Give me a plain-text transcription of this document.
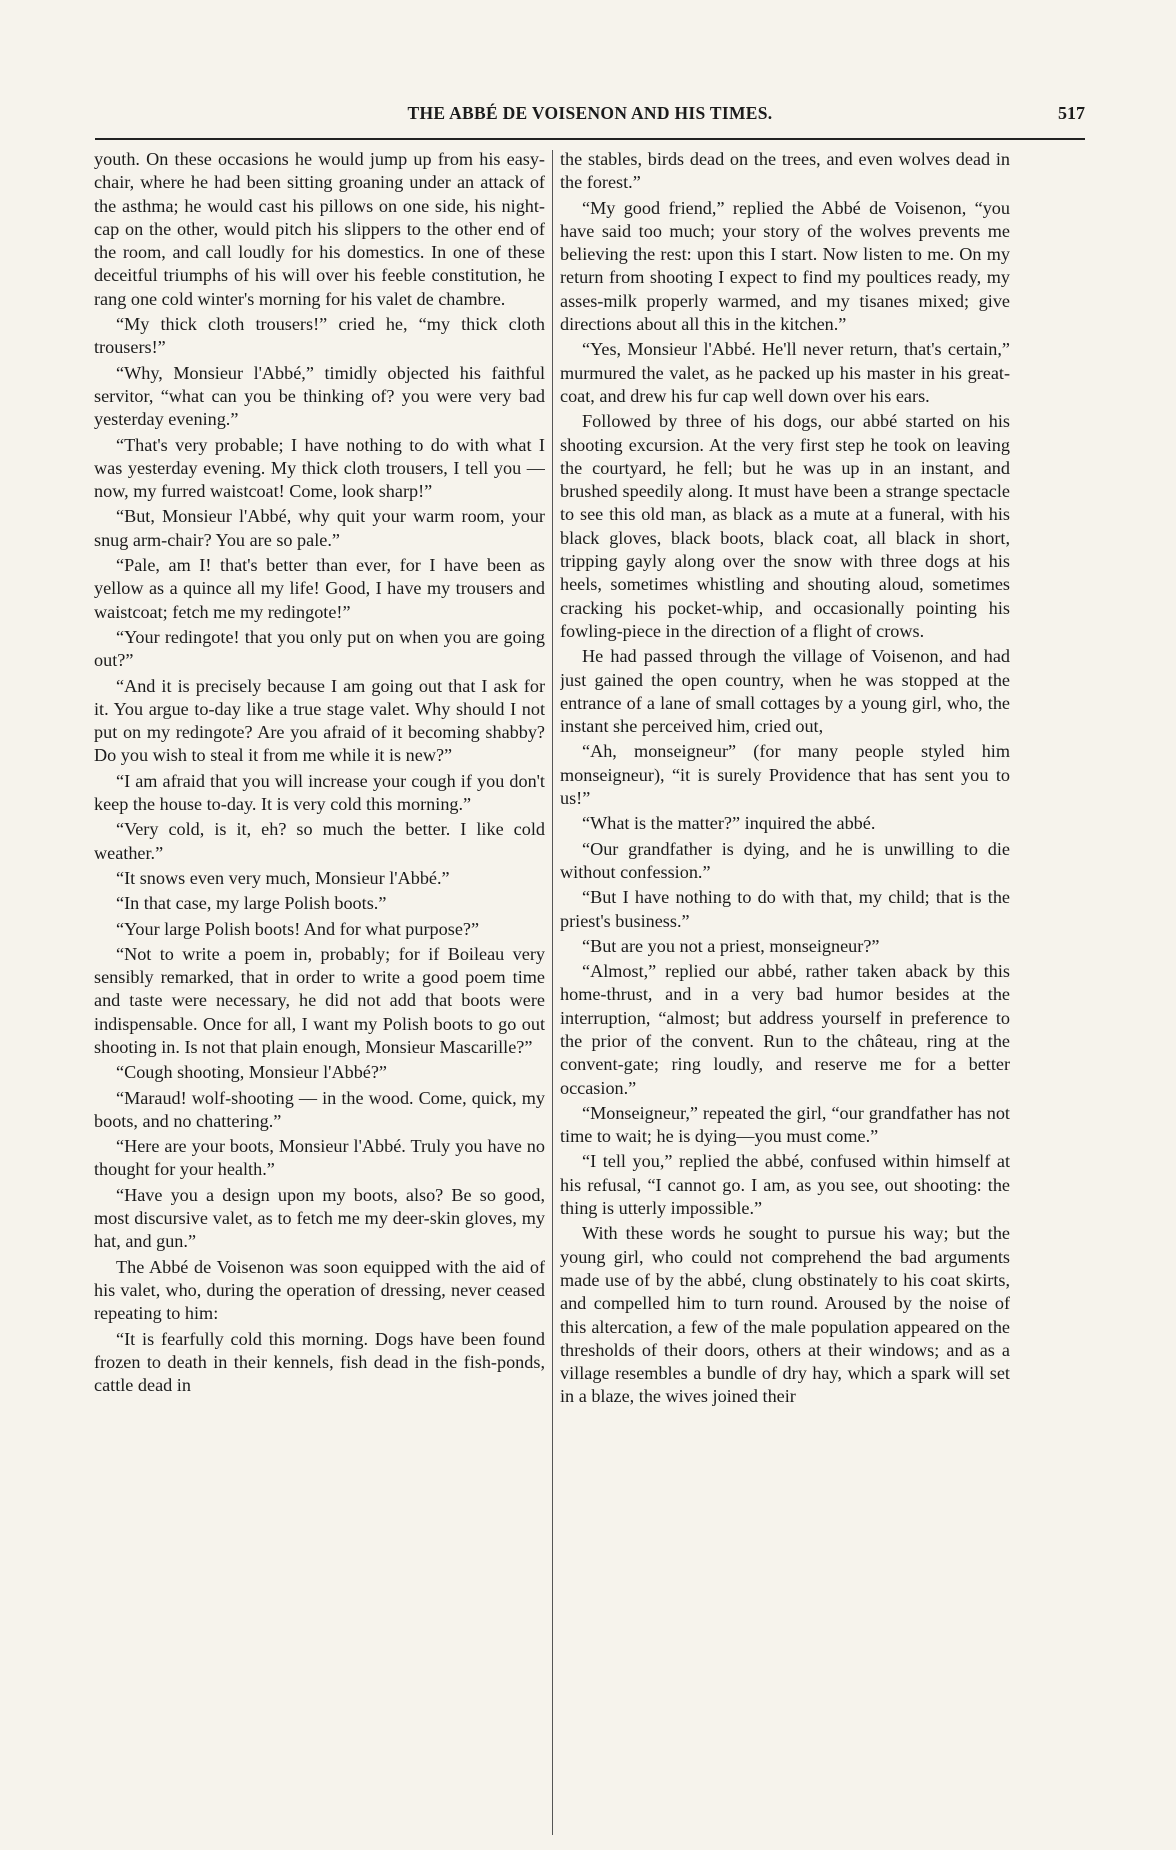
THE ABBÉ DE VOISENON AND HIS TIMES.	517

youth. On these occasions he would jump up from his easy-chair, where he had been sitting groaning under an attack of the asthma; he would cast his pillows on one side, his night-cap on the other, would pitch his slippers to the other end of the room, and call loudly for his domestics. In one of these deceitful triumphs of his will over his feeble constitution, he rang one cold winter's morning for his valet de chambre.

“My thick cloth trousers!” cried he, “my thick cloth trousers!”

“Why, Monsieur l'Abbé,” timidly objected his faithful servitor, “what can you be thinking of? you were very bad yesterday evening.”

“That's very probable; I have nothing to do with what I was yesterday evening. My thick cloth trousers, I tell you — now, my furred waistcoat! Come, look sharp!”

“But, Monsieur l'Abbé, why quit your warm room, your snug arm-chair? You are so pale.”

“Pale, am I! that's better than ever, for I have been as yellow as a quince all my life! Good, I have my trousers and waistcoat; fetch me my redingote!”

“Your redingote! that you only put on when you are going out?”

“And it is precisely because I am going out that I ask for it. You argue to-day like a true stage valet. Why should I not put on my redingote? Are you afraid of it becoming shabby? Do you wish to steal it from me while it is new?”

“I am afraid that you will increase your cough if you don't keep the house to-day. It is very cold this morning.”

“Very cold, is it, eh? so much the better. I like cold weather.”

“It snows even very much, Monsieur l'Abbé.”

“In that case, my large Polish boots.”

“Your large Polish boots! And for what purpose?”

“Not to write a poem in, probably; for if Boileau very sensibly remarked, that in order to write a good poem time and taste were necessary, he did not add that boots were indispensable. Once for all, I want my Polish boots to go out shooting in. Is not that plain enough, Monsieur Mascarille?”

“Cough shooting, Monsieur l'Abbé?”

“Maraud! wolf-shooting — in the wood. Come, quick, my boots, and no chattering.”

“Here are your boots, Monsieur l'Abbé. Truly you have no thought for your health.”

“Have you a design upon my boots, also? Be so good, most discursive valet, as to fetch me my deer-skin gloves, my hat, and gun.”

The Abbé de Voisenon was soon equipped with the aid of his valet, who, during the operation of dressing, never ceased repeating to him:

“It is fearfully cold this morning. Dogs have been found frozen to death in their kennels, fish dead in the fish-ponds, cattle dead in

the stables, birds dead on the trees, and even wolves dead in the forest.”

“My good friend,” replied the Abbé de Voisenon, “you have said too much; your story of the wolves prevents me believing the rest: upon this I start. Now listen to me. On my return from shooting I expect to find my poultices ready, my asses-milk properly warmed, and my tisanes mixed; give directions about all this in the kitchen.”

“Yes, Monsieur l'Abbé. He'll never return, that's certain,” murmured the valet, as he packed up his master in his great-coat, and drew his fur cap well down over his ears.

Followed by three of his dogs, our abbé started on his shooting excursion. At the very first step he took on leaving the courtyard, he fell; but he was up in an instant, and brushed speedily along. It must have been a strange spectacle to see this old man, as black as a mute at a funeral, with his black gloves, black boots, black coat, all black in short, tripping gayly along over the snow with three dogs at his heels, sometimes whistling and shouting aloud, sometimes cracking his pocket-whip, and occasionally pointing his fowling-piece in the direction of a flight of crows.

He had passed through the village of Voisenon, and had just gained the open country, when he was stopped at the entrance of a lane of small cottages by a young girl, who, the instant she perceived him, cried out,

“Ah, monseigneur” (for many people styled him monseigneur), “it is surely Providence that has sent you to us!”

“What is the matter?” inquired the abbé.

“Our grandfather is dying, and he is unwilling to die without confession.”

“But I have nothing to do with that, my child; that is the priest's business.”

“But are you not a priest, monseigneur?”

“Almost,” replied our abbé, rather taken aback by this home-thrust, and in a very bad humor besides at the interruption, “almost; but address yourself in preference to the prior of the convent. Run to the château, ring at the convent-gate; ring loudly, and reserve me for a better occasion.”

“Monseigneur,” repeated the girl, “our grandfather has not time to wait; he is dying—you must come.”

“I tell you,” replied the abbé, confused within himself at his refusal, “I cannot go. I am, as you see, out shooting: the thing is utterly impossible.”

With these words he sought to pursue his way; but the young girl, who could not comprehend the bad arguments made use of by the abbé, clung obstinately to his coat skirts, and compelled him to turn round. Aroused by the noise of this altercation, a few of the male population appeared on the thresholds of their doors, others at their windows; and as a village resembles a bundle of dry hay, which a spark will set in a blaze, the wives joined their
